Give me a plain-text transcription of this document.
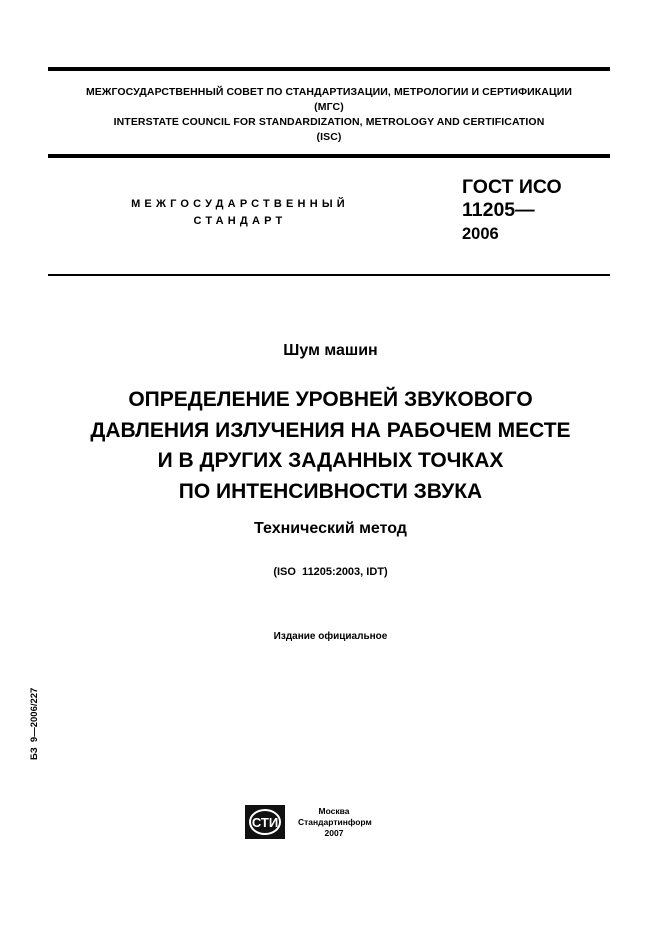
МЕЖГОСУДАРСТВЕННЫЙ СОВЕТ ПО СТАНДАРТИЗАЦИИ, МЕТРОЛОГИИ И СЕРТИФИКАЦИИ
(МГС)
INTERSTATE COUNCIL FOR STANDARDIZATION, METROLOGY AND CERTIFICATION
(ISC)
МЕЖГОСУДАРСТВЕННЫЙ
СТАНДАРТ
ГОСТ ИСО
11205—
2006
Шум машин
ОПРЕДЕЛЕНИЕ УРОВНЕЙ ЗВУКОВОГО
ДАВЛЕНИЯ ИЗЛУЧЕНИЯ НА РАБОЧЕМ МЕСТЕ
И В ДРУГИХ ЗАДАННЫХ ТОЧКАХ
ПО ИНТЕНСИВНОСТИ ЗВУКА
Технический метод
(ISO  11205:2003, IDT)
Издание официальное
БЗ  9—2006/227
СТИ
Москва
Стандартинформ
2007
